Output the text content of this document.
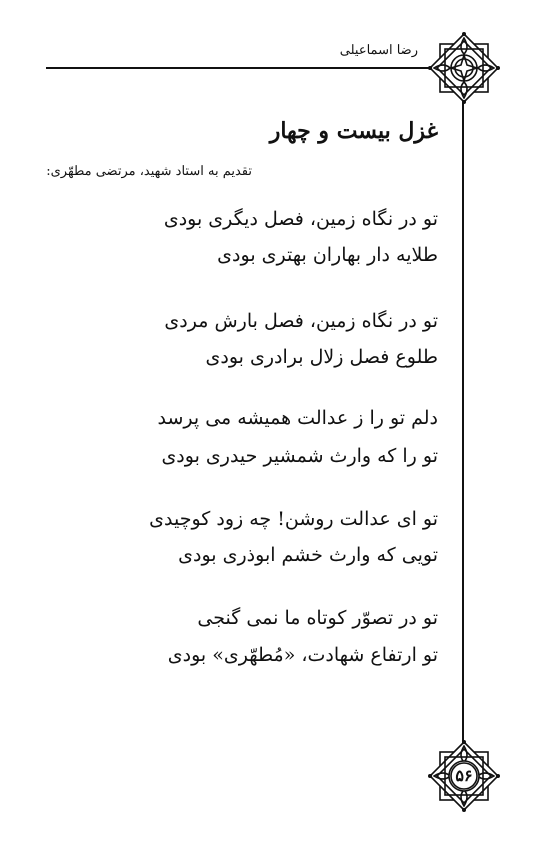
رضا اسماعیلی
۵۶
غزل بیست و چهار
تقدیم به استاد شهید، مرتضی مطهّری:
تو در نگاه زمین، فصل دیگری بودی
طلایه دار بهاران بهتری بودی
تو در نگاه زمین، فصل بارش مردی
طلوع فصل زلال برادری بودی
دلم تو را ز عدالت همیشه می پرسد
تو را که وارث شمشیر حیدری بودی
تو ای عدالت روشن! چه زود کوچیدی
تویی که وارث خشم ابوذری بودی
تو در تصوّر کوتاه ما نمی گنجی
تو ارتفاع شهادت، «مُطهّری» بودی
